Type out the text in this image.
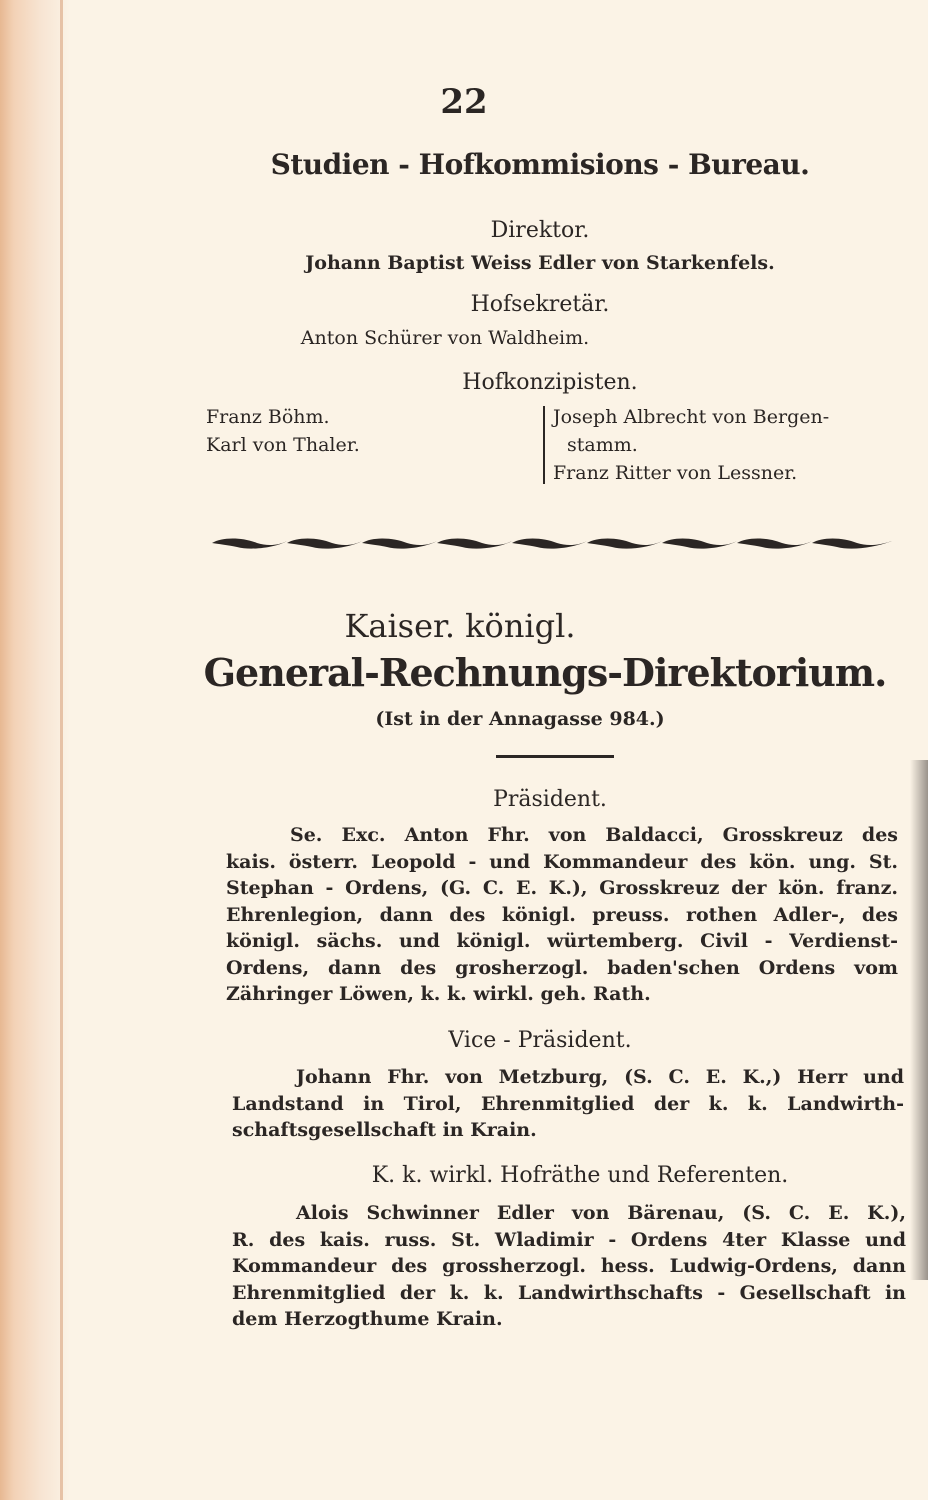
22
Studien - Hofkommisions - Bureau.
Direktor.
Johann Baptist Weiss Edler von Starkenfels.
Hofsekretär.
Anton Schürer von Waldheim.
Hofkonzipisten.
Franz Böhm.
Karl von Thaler.
Joseph Albrecht von Bergen-
stamm.
Franz Ritter von Lessner.
Kaiser. königl.
General-Rechnungs-Direktorium.
(Ist in der Annagasse 984.)
Präsident.
Se. Exc. Anton Fhr. von Baldacci, Grosskreuz des
kais. österr. Leopold - und Kommandeur des kön. ung. St.
Stephan - Ordens, (G. C. E. K.), Grosskreuz der kön. franz.
Ehrenlegion, dann des königl. preuss. rothen Adler-, des
königl. sächs. und königl. würtemberg. Civil - Verdienst-
Ordens, dann des grosherzogl. baden'schen Ordens vom
Zähringer Löwen, k. k. wirkl. geh. Rath.
Vice - Präsident.
Johann Fhr. von Metzburg, (S. C. E. K.,) Herr und
Landstand in Tirol, Ehrenmitglied der k. k. Landwirth-
schaftsgesellschaft in Krain.
K. k. wirkl. Hofräthe und Referenten.
Alois Schwinner Edler von Bärenau, (S. C. E. K.),
R. des kais. russ. St. Wladimir - Ordens 4ter Klasse und
Kommandeur des grossherzogl. hess. Ludwig-Ordens, dann
Ehrenmitglied der k. k. Landwirthschafts - Gesellschaft in
dem Herzogthume Krain.
